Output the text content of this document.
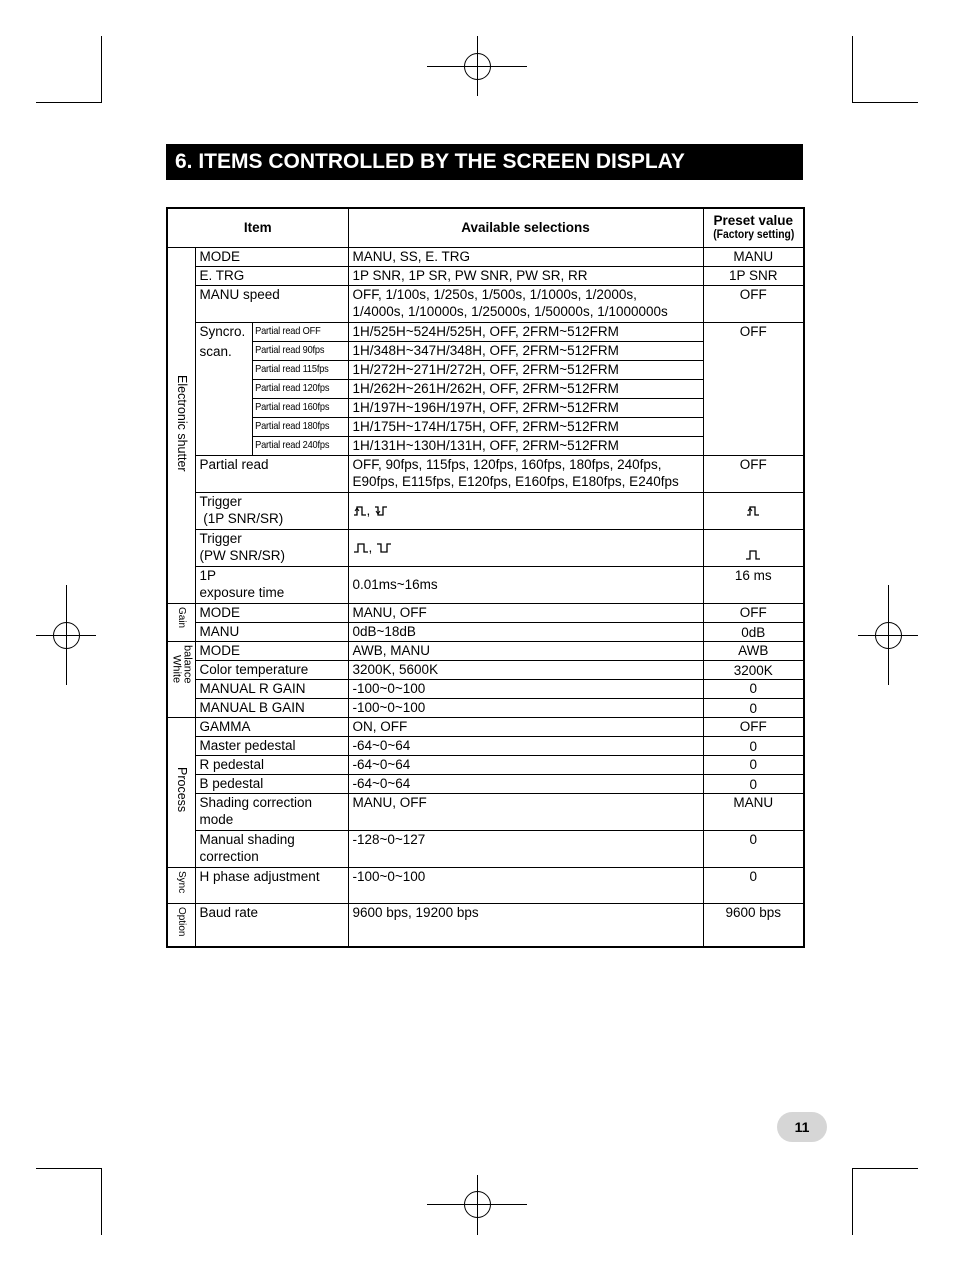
6. ITEMS CONTROLLED BY THE SCREEN DISPLAY
Item			Available selections	Preset value
(Factory setting)

Electronic shutter	MODE		MANU, SS, E. TRG	MANU
	E. TRG		1P SNR, 1P SR, PW SNR, PW SR, RR	1P SNR
	MANU speed		OFF, 1/100s, 1/250s, 1/500s, 1/1000s, 1/2000s,
1/4000s, 1/10000s, 1/25000s, 1/50000s, 1/1000000s	OFF

	Syncro.
scan.	Partial read OFF	1H/525H~524H/525H, OFF, 2FRM~512FRM	OFF
		Partial read 90fps	1H/348H~347H/348H, OFF, 2FRM~512FRM	
		Partial read 115fps	1H/272H~271H/272H, OFF, 2FRM~512FRM	
		Partial read 120fps	1H/262H~261H/262H, OFF, 2FRM~512FRM	
		Partial read 160fps	1H/197H~196H/197H, OFF, 2FRM~512FRM	
		Partial read 180fps	1H/175H~174H/175H, OFF, 2FRM~512FRM	
		Partial read 240fps	1H/131H~130H/131H, OFF, 2FRM~512FRM	
	Partial read		OFF, 90fps, 115fps, 120fps, 160fps, 180fps, 240fps,
E90fps, E115fps, E120fps, E160fps, E180fps, E240fps	OFF

	Trigger
(1P SNR/SR)		,	

	Trigger
(PW SNR/SR)		,	

	1P
exposure time		0.01ms~16ms	16 ms
Gain	MODE		MANU, OFF	OFF
	MANU		0dB~18dB	0dB
Whitebalance	MODE		AWB, MANU	AWB
	Color temperature		3200K, 5600K	3200K
	MANUAL R GAIN		-100~0~100	0
	MANUAL B GAIN		-100~0~100	0
Process	GAMMA		ON, OFF	OFF
	Master pedestal		-64~0~64	0
	R pedestal		-64~0~64	0
	B pedestal		-64~0~64	0

	Shading correction
mode		MANU, OFF	MANU

	Manual shading
correction		-128~0~127	0
Sync	H phase adjustment		-100~0~100	0
Option	Baud rate		9600 bps, 19200 bps	9600 bps
11
